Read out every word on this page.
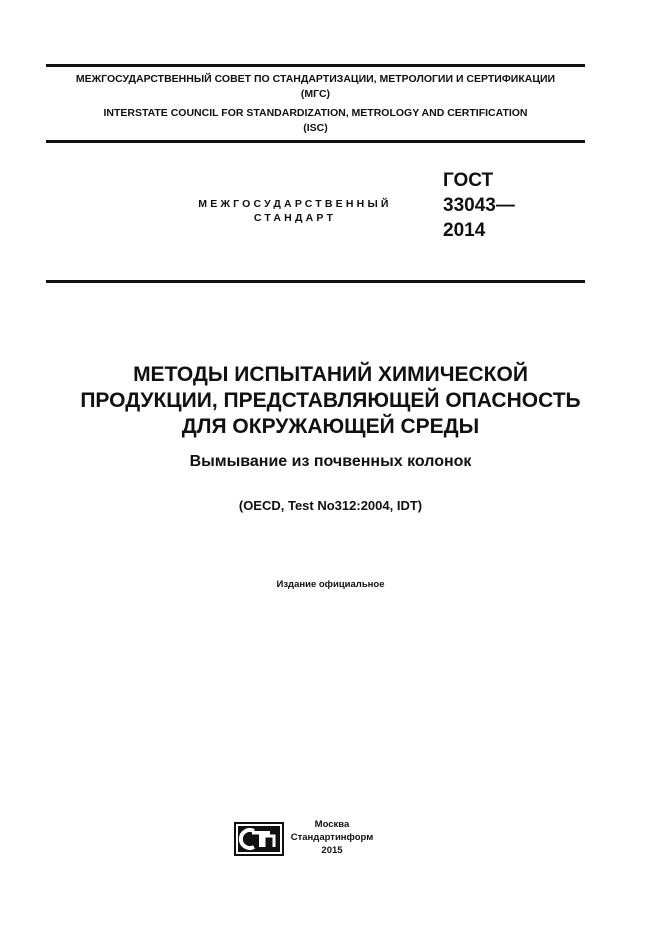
МЕЖГОСУДАРСТВЕННЫЙ СОВЕТ ПО СТАНДАРТИЗАЦИИ, МЕТРОЛОГИИ И СЕРТИФИКАЦИИ
(МГС)
INTERSTATE COUNCIL FOR STANDARDIZATION, METROLOGY AND CERTIFICATION
(ISC)
МЕЖГОСУДАРСТВЕННЫЙ
СТАНДАРТ
ГОСТ
33043—
2014
МЕТОДЫ ИСПЫТАНИЙ ХИМИЧЕСКОЙ
ПРОДУКЦИИ, ПРЕДСТАВЛЯЮЩЕЙ ОПАСНОСТЬ
ДЛЯ ОКРУЖАЮЩЕЙ СРЕДЫ
Вымывание из почвенных колонок
(OECD, Test No312:2004, IDT)
Издание официальное
Москва
Стандартинформ
2015
